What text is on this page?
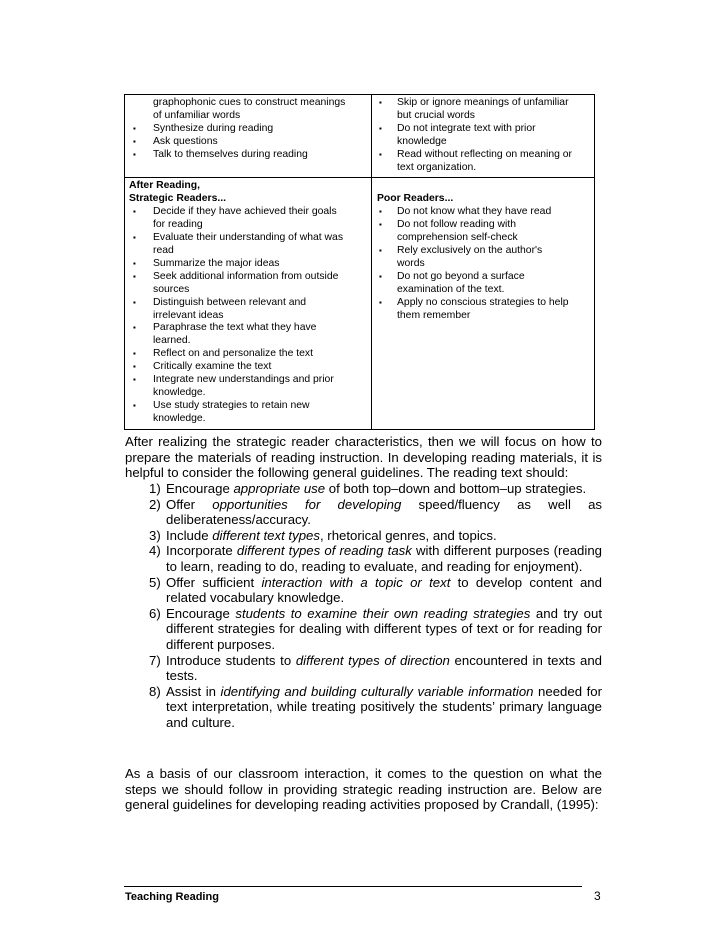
graphophonic cues to construct meanings
of unfamiliar words
▪ Synthesize during reading
▪ Ask questions
▪ Talk to themselves during reading
▪ Skip or ignore meanings of unfamiliar
but crucial words
▪ Do not integrate text with prior
knowledge
▪ Read without reflecting on meaning or
text organization.
After Reading,
Strategic Readers...
▪ Decide if they have achieved their goals
for reading
▪ Evaluate their understanding of what was
read
▪ Summarize the major ideas
▪ Seek additional information from outside
sources
▪ Distinguish between relevant and
irrelevant ideas
▪ Paraphrase the text what they have
learned.
▪ Reflect on and personalize the text
▪ Critically examine the text
▪ Integrate new understandings and prior
knowledge.
▪ Use study strategies to retain new
knowledge.
Poor Readers...
▪ Do not know what they have read
▪ Do not follow reading with
comprehension self-check
▪ Rely exclusively on the author's
words
▪ Do not go beyond a surface
examination of the text.
▪ Apply no conscious strategies to help
them remember
After realizing the strategic reader characteristics, then we will focus on how to prepare the materials of reading instruction. In developing reading materials, it is helpful to consider the following general guidelines. The reading text should:
1) Encourage appropriate use of both top–down and bottom–up strategies.
2) Offer opportunities for developing speed/fluency as well as deliberateness/accuracy.
3) Include different text types, rhetorical genres, and topics.
4) Incorporate different types of reading task with different purposes (reading to learn, reading to do, reading to evaluate, and reading for enjoyment).
5) Offer sufficient interaction with a topic or text to develop content and related vocabulary knowledge.
6) Encourage students to examine their own reading strategies and try out different strategies for dealing with different types of text or for reading for different purposes.
7) Introduce students to different types of direction encountered in texts and tests.
8) Assist in identifying and building culturally variable information needed for text interpretation, while treating positively the students’ primary language and culture.
As a basis of our classroom interaction, it comes to the question on what the steps we should follow in providing strategic reading instruction are. Below are general guidelines for developing reading activities proposed by Crandall, (1995):
Teaching Reading	3
